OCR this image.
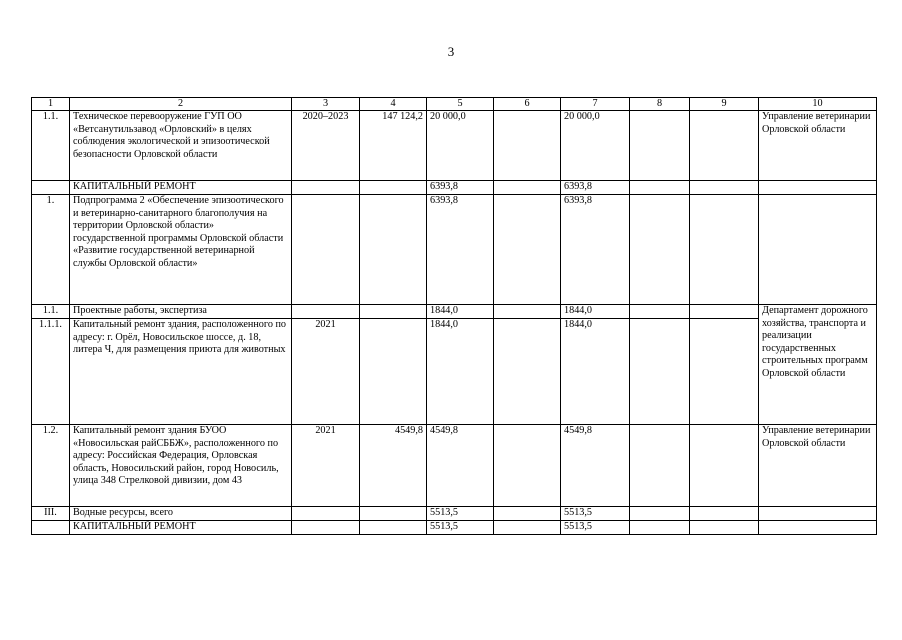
3
1	2	3	4	5	6	7	8	9	10
1.1.	Техническое перевооружение ГУП ОО «Ветсанутильзавод «Орловский» в целях соблюдения экологической и эпизоотической безопасности Орловской области	2020–2023	147 124,2	20 000,0		20 000,0			Управление ветеринарии Орловской области
	КАПИТАЛЬНЫЙ РЕМОНТ			6393,8		6393,8			
1.	Подпрограмма 2 «Обеспечение эпизоотического и ветеринарно-санитарного благополучия на территории Орловской области» государственной программы Орловской области «Развитие государственной ветеринарной службы Орловской области»			6393,8		6393,8			
1.1.	Проектные работы, экспертиза			1844,0		1844,0			Департамент дорожного хозяйства, транспорта и реализации государственных строительных программ Орловской области
1.1.1.	Капитальный ремонт здания, расположенного по адресу: г. Орёл, Новосильское шоссе, д. 18, литера Ч, для размещения приюта для животных	2021		1844,0		1844,0			
1.2.	Капитальный ремонт здания БУОО «Новосильская райСББЖ», расположенного по адресу: Российская Федерация, Орловская область, Новосильский район, город Новосиль, улица 348 Стрелковой дивизии, дом 43	2021	4549,8	4549,8		4549,8			Управление ветеринарии Орловской области
III.	Водные ресурсы, всего			5513,5		5513,5			
	КАПИТАЛЬНЫЙ РЕМОНТ			5513,5		5513,5			
